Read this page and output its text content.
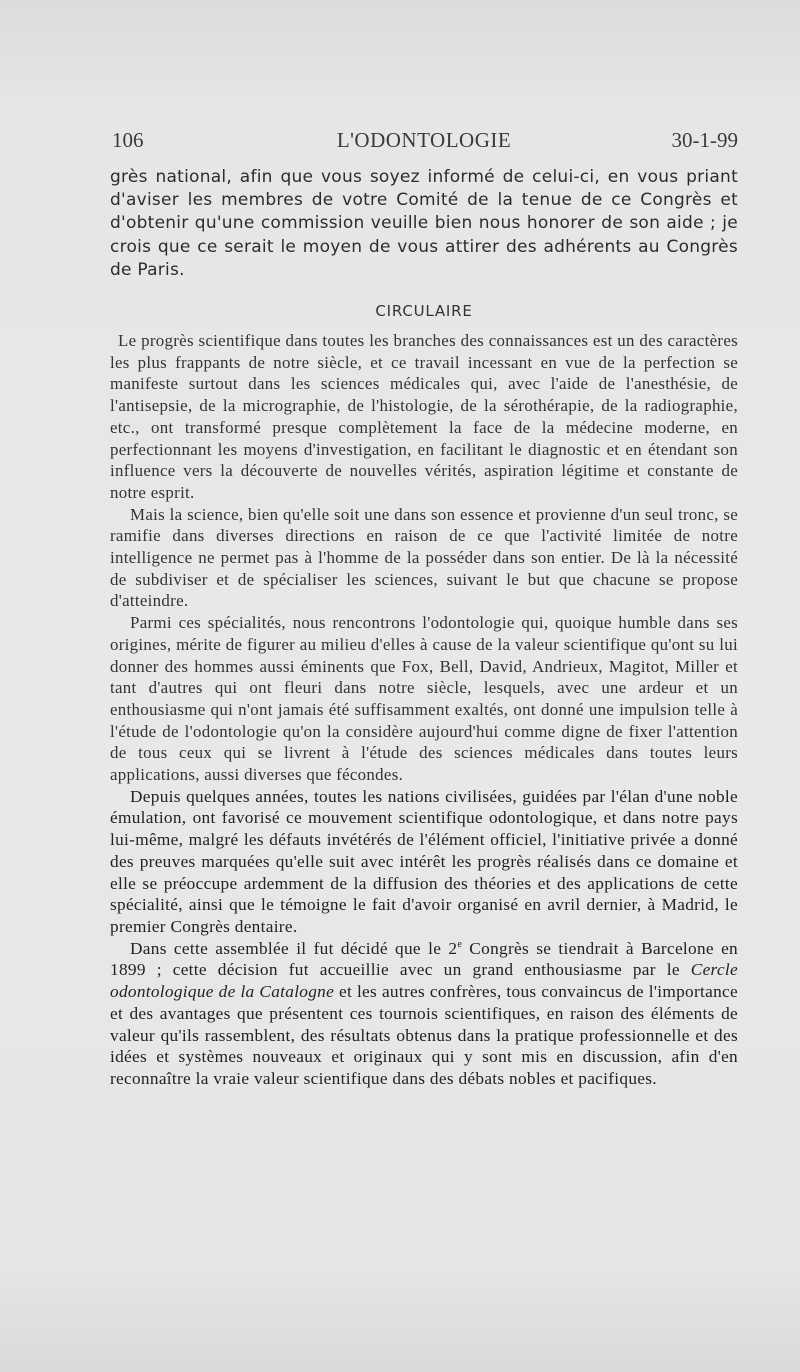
106	L'ODONTOLOGIE	30-1-99

grès national, afin que vous soyez informé de celui-ci, en vous priant d'aviser les membres de votre Comité de la tenue de ce Congrès et d'obtenir qu'une commission veuille bien nous honorer de son aide ; je crois que ce serait le moyen de vous attirer des adhérents au Congrès de Paris.

CIRCULAIRE

Le progrès scientifique dans toutes les branches des connaissances est un des caractères les plus frappants de notre siècle, et ce travail incessant en vue de la perfection se manifeste surtout dans les sciences médicales qui, avec l'aide de l'anesthésie, de l'antisepsie, de la micrographie, de l'histologie, de la sérothérapie, de la radiographie, etc., ont transformé presque complètement la face de la médecine moderne, en perfectionnant les moyens d'investigation, en facilitant le diagnostic et en étendant son influence vers la découverte de nouvelles vérités, aspiration légitime et constante de notre esprit.

Mais la science, bien qu'elle soit une dans son essence et provienne d'un seul tronc, se ramifie dans diverses directions en raison de ce que l'activité limitée de notre intelligence ne permet pas à l'homme de la posséder dans son entier. De là la nécessité de subdiviser et de spécialiser les sciences, suivant le but que chacune se propose d'atteindre.

Parmi ces spécialités, nous rencontrons l'odontologie qui, quoique humble dans ses origines, mérite de figurer au milieu d'elles à cause de la valeur scientifique qu'ont su lui donner des hommes aussi éminents que Fox, Bell, David, Andrieux, Magitot, Miller et tant d'autres qui ont fleuri dans notre siècle, lesquels, avec une ardeur et un enthousiasme qui n'ont jamais été suffisamment exaltés, ont donné une impulsion telle à l'étude de l'odontologie qu'on la considère aujourd'hui comme digne de fixer l'attention de tous ceux qui se livrent à l'étude des sciences médicales dans toutes leurs applications, aussi diverses que fécondes.

Depuis quelques années, toutes les nations civilisées, guidées par l'élan d'une noble émulation, ont favorisé ce mouvement scientifique odontologique, et dans notre pays lui-même, malgré les défauts invétérés de l'élément officiel, l'initiative privée a donné des preuves marquées qu'elle suit avec intérêt les progrès réalisés dans ce domaine et elle se préoccupe ardemment de la diffusion des théories et des applications de cette spécialité, ainsi que le témoigne le fait d'avoir organisé en avril dernier, à Madrid, le premier Congrès dentaire.

Dans cette assemblée il fut décidé que le 2e Congrès se tiendrait à Barcelone en 1899 ; cette décision fut accueillie avec un grand enthousiasme par le Cercle odontologique de la Catalogne et les autres confrères, tous convaincus de l'importance et des avantages que présentent ces tournois scientifiques, en raison des éléments de valeur qu'ils rassemblent, des résultats obtenus dans la pratique professionnelle et des idées et systèmes nouveaux et originaux qui y sont mis en discussion, afin d'en reconnaître la vraie valeur scientifique dans des débats nobles et pacifiques.
